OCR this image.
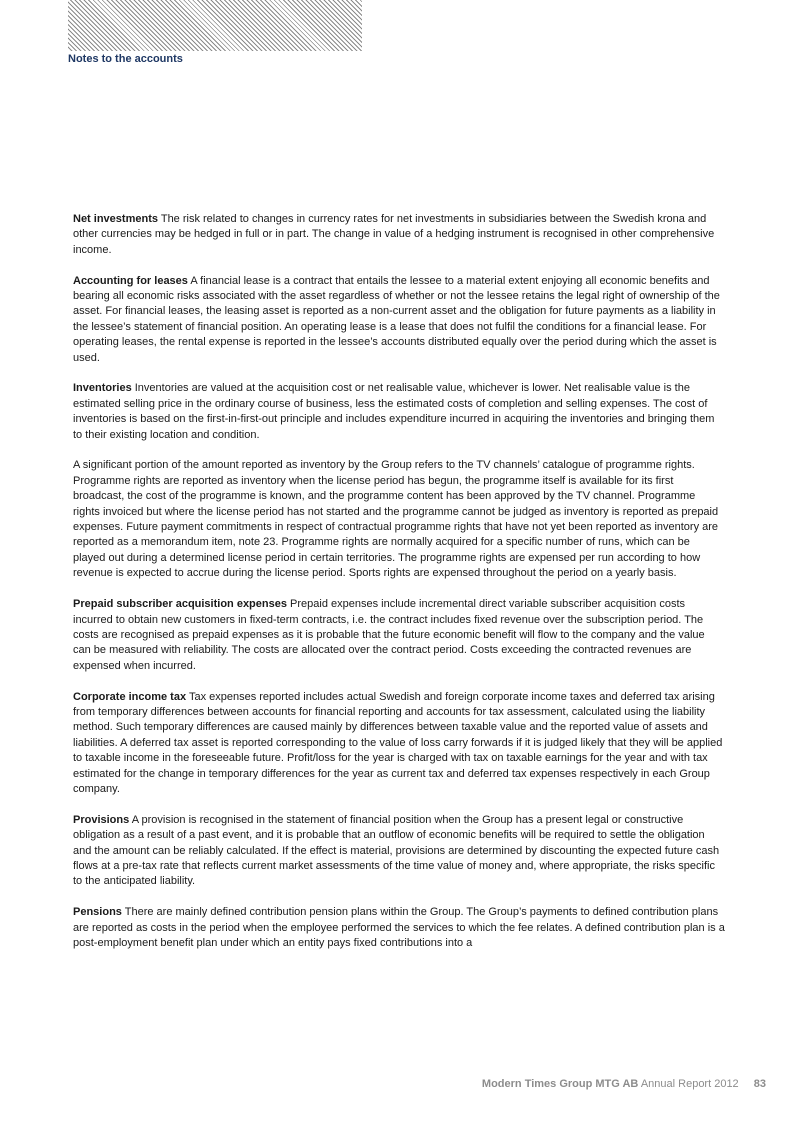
Notes to the accounts

Net investments The risk related to changes in currency rates for net investments in subsidiaries between the Swedish krona and other currencies may be hedged in full or in part. The change in value of a hedging instrument is recognised in other comprehensive income.

Accounting for leases A financial lease is a contract that entails the lessee to a material extent enjoying all economic benefits and bearing all economic risks associated with the asset regardless of whether or not the lessee retains the legal right of ownership of the asset. For financial leases, the leasing asset is reported as a non-current asset and the obligation for future payments as a liability in the lessee’s statement of financial position. An operating lease is a lease that does not fulfil the conditions for a financial lease. For operating leases, the rental expense is reported in the lessee’s accounts distributed equally over the period during which the asset is used.

Inventories Inventories are valued at the acquisition cost or net realisable value, whichever is lower. Net realisable value is the estimated selling price in the ordinary course of business, less the estimated costs of completion and selling expenses. The cost of inventories is based on the first-in-first-out principle and includes expenditure incurred in acquiring the inventories and bringing them to their existing location and condition.

A significant portion of the amount reported as inventory by the Group refers to the TV channels’ catalogue of programme rights. Programme rights are reported as inventory when the license period has begun, the programme itself is available for its first broadcast, the cost of the programme is known, and the programme content has been approved by the TV channel. Programme rights invoiced but where the license period has not started and the programme cannot be judged as inventory is reported as prepaid expenses. Future payment commitments in respect of contractual programme rights that have not yet been reported as inventory are reported as a memorandum item, note 23. Programme rights are normally acquired for a specific number of runs, which can be played out during a determined license period in certain territories. The programme rights are expensed per run according to how revenue is expected to accrue during the license period. Sports rights are expensed throughout the period on a yearly basis.

Prepaid subscriber acquisition expenses Prepaid expenses include incremental direct variable subscriber acquisition costs incurred to obtain new customers in fixed-term contracts, i.e. the contract includes fixed revenue over the subscription period. The costs are recognised as prepaid expenses as it is probable that the future economic benefit will flow to the company and the value can be measured with reliability. The costs are allocated over the contract period. Costs exceeding the contracted revenues are expensed when incurred.

Corporate income tax Tax expenses reported includes actual Swedish and foreign corporate income taxes and deferred tax arising from temporary differences between accounts for financial reporting and accounts for tax assessment, calculated using the liability method. Such temporary differences are caused mainly by differences between taxable value and the reported value of assets and liabilities. A deferred tax asset is reported corresponding to the value of loss carry forwards if it is judged likely that they will be applied to taxable income in the foreseeable future. Profit/loss for the year is charged with tax on taxable earnings for the year and with tax estimated for the change in temporary differences for the year as current tax and deferred tax expenses respectively in each Group company.

Provisions A provision is recognised in the statement of financial position when the Group has a present legal or constructive obligation as a result of a past event, and it is probable that an outflow of economic benefits will be required to settle the obligation and the amount can be reliably calculated. If the effect is material, provisions are determined by discounting the expected future cash flows at a pre-tax rate that reflects current market assessments of the time value of money and, where appropriate, the risks specific to the anticipated liability.

Pensions There are mainly defined contribution pension plans within the Group. The Group’s payments to defined contribution plans are reported as costs in the period when the employee performed the services to which the fee relates. A defined contribution plan is a post-employment benefit plan under which an entity pays fixed contributions into a

Modern Times Group MTG AB Annual Report 2012 83
